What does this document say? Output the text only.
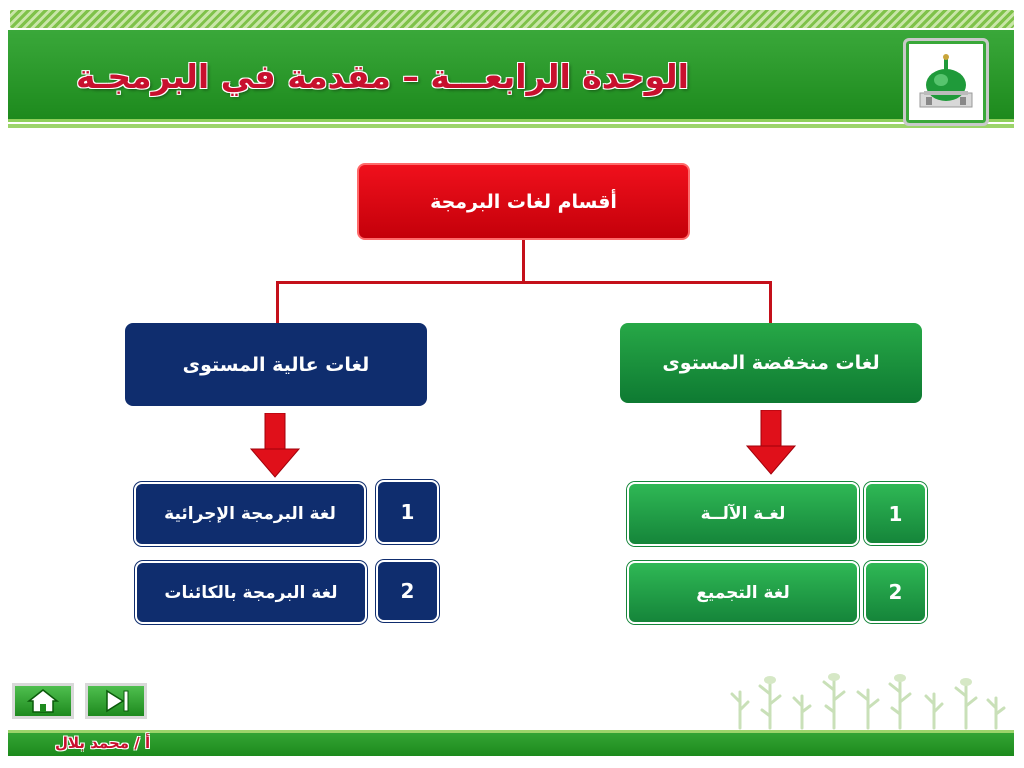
الوحدة الرابعـــة – مقدمة في البرمجـة
أقسام لغات البرمجة
لغات عالية المستوى	لغات منخفضة المستوى
لغة البرمجة الإجرائية	1
لغة البرمجة بالكائنات	2
لغـة الآلــة	1
لغة التجميع	2
أ / محمد بلال
